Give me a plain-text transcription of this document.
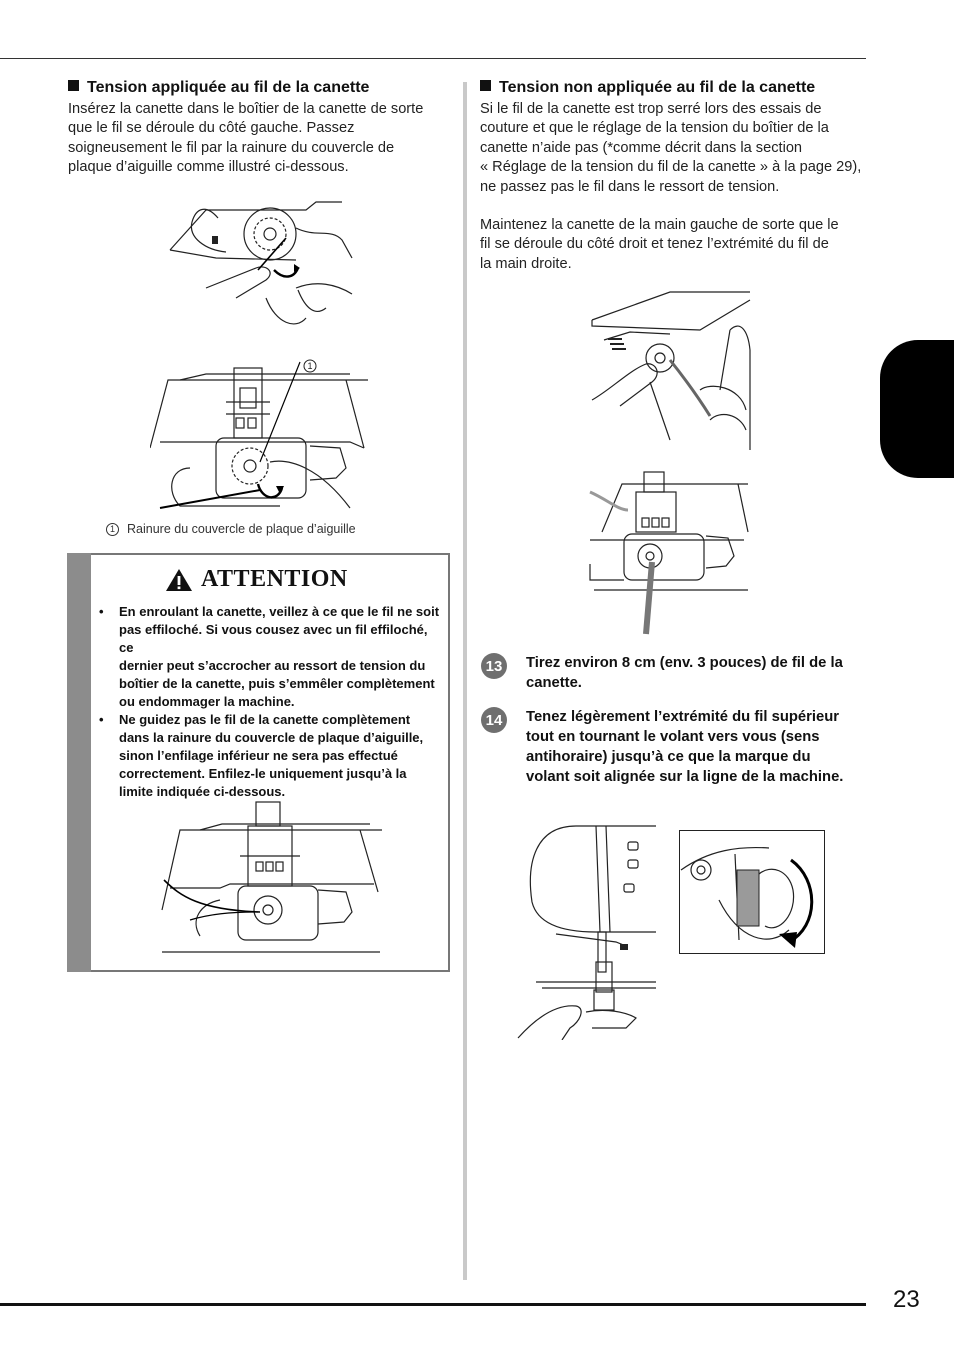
23
Tension appliquée au fil de la canette

Insérez la canette dans le boîtier de la canette de sorte

que le fil se déroule du côté gauche. Passez

soigneusement le fil par la rainure du couvercle de

plaque d’aiguille comme illustré ci-dessous.

1
1 Rainure du couvercle de plaque d’aiguille
ATTENTION
• En enroulant la canette, veillez à ce que le fil ne soit
pas effiloché. Si vous cousez avec un fil effiloché, ce
dernier peut s’accrocher au ressort de tension du
boîtier de la canette, puis s’emmêler complètement
ou endommager la machine.
• Ne guidez pas le fil de la canette complètement
dans la rainure du couvercle de plaque d’aiguille,
sinon l’enfilage inférieur ne sera pas effectué
correctement. Enfilez-le uniquement jusqu’à la
limite indiquée ci-dessous.
Tension non appliquée au fil de la canette

Si le fil de la canette est trop serré lors des essais de

couture et que le réglage de la tension du boîtier de la

canette n’aide pas (*comme décrit dans la section

« Réglage de la tension du fil de la canette » à la page 29),

ne passez pas le fil dans le ressort de tension.

Maintenez la canette de la main gauche de sorte que le

fil se déroule du côté droit et tenez l’extrémité du fil de

la main droite.

13	Tirez environ 8 cm (env. 3 pouces) de fil de la
canette.
14	Tenez légèrement l’extrémité du fil supérieur
tout en tournant le volant vers vous (sens
antihoraire) jusqu’à ce que la marque du
volant soit alignée sur la ligne de la machine.
